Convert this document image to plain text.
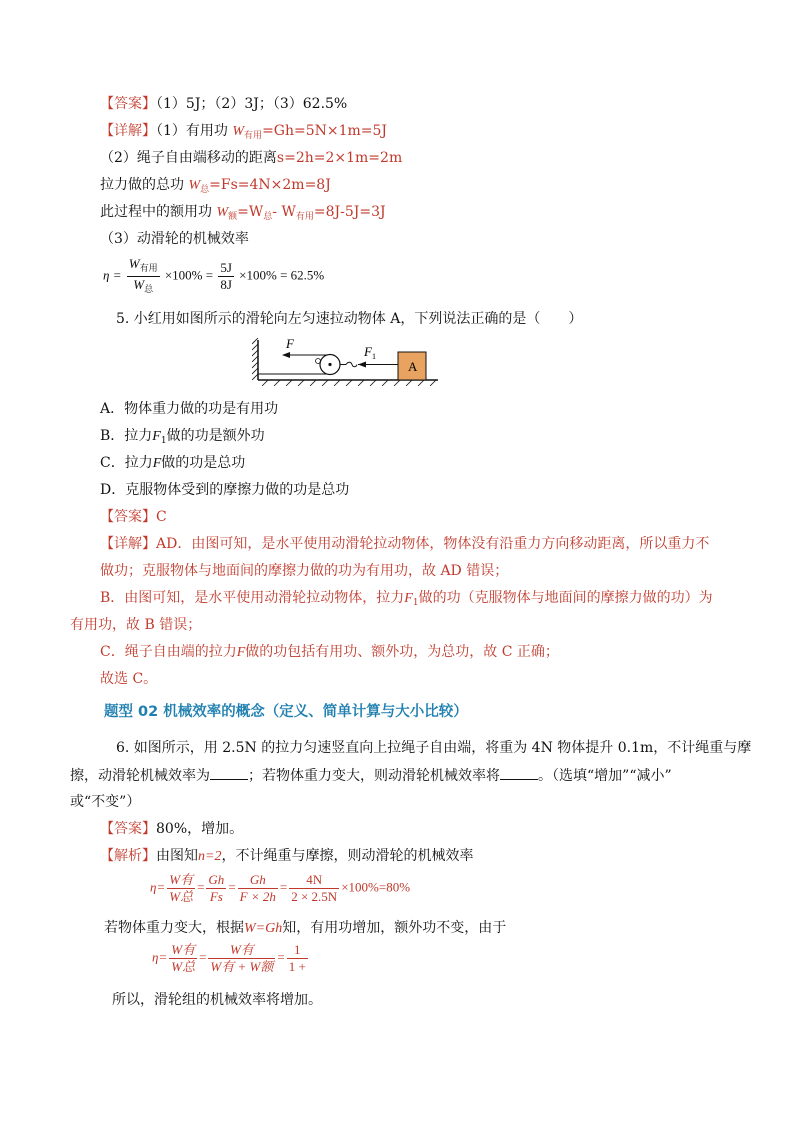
【答案】（1）5J；（2）3J；（3）62.5%
【详解】（1）有用功 $W_{有用}=Gh=5N\times 1m=5J$
（2）绳子自由端移动的距离s=2h=2×1m=2m
拉力做的总功 $W_总=Fs=4N\times 2m=8J$
此过程中的额用功 $W_额=W_总-$ $W_{有用}=8J-5J=3J$
（3）动滑轮的机械效率
$\eta = \frac{W_{有用}}{W_总} \times 100\% = \frac{5J}{8J} \times 100\% = 62.5\%$
5. 小红用如图所示的滑轮向左匀速拉动物体 A，下列说法正确的是（　　）
F
$F_1$
A
A．物体重力做的功是有用功
B．拉力$F_1$做的功是额外功
C．拉力F做的功是总功
D．克服物体受到的摩擦力做的功是总功
【答案】C
【详解】AD．由图可知，是水平使用动滑轮拉动物体，物体没有沿重力方向移动距离，所以重力不
做功；克服物体与地面间的摩擦力做的功为有用功，故 AD 错误；
B．由图可知，是水平使用动滑轮拉动物体，拉力$F_1$做的功（克服物体与地面间的摩擦力做的功）为
有用功，故 B 错误；
C．绳子自由端的拉力F做的功包括有用功、额外功，为总功，故 C 正确；
故选 C。
题型 02 机械效率的概念（定义、简单计算与大小比较）
6. 如图所示，用 2.5N 的拉力匀速竖直向上拉绳子自由端，将重为 4N 物体提升 0.1m，不计绳重与摩
擦，动滑轮机械效率为	；若物体重力变大，则动滑轮机械效率将	。（选填“增加”“减小”
或“不变”）
【答案】80%，增加。
【解析】由图知n=2，不计绳重与摩擦，则动滑轮的机械效率
$\eta= \frac{\text{W有}}{\text{W总}} = \frac{Gh}{Fs} = \frac{Gh}{F \times 2h} = \frac{4N}{2 \times 2.5N} \times 100\%=80\%$
若物体重力变大，根据W=Gh知，有用功增加，额外功不变，由于
$\eta= \frac{\text{W有}}{\text{W总}} = \frac{\text{W有}}{\text{W有 + W额}} = \frac{1}{1 +}$
所以，滑轮组的机械效率将增加。
